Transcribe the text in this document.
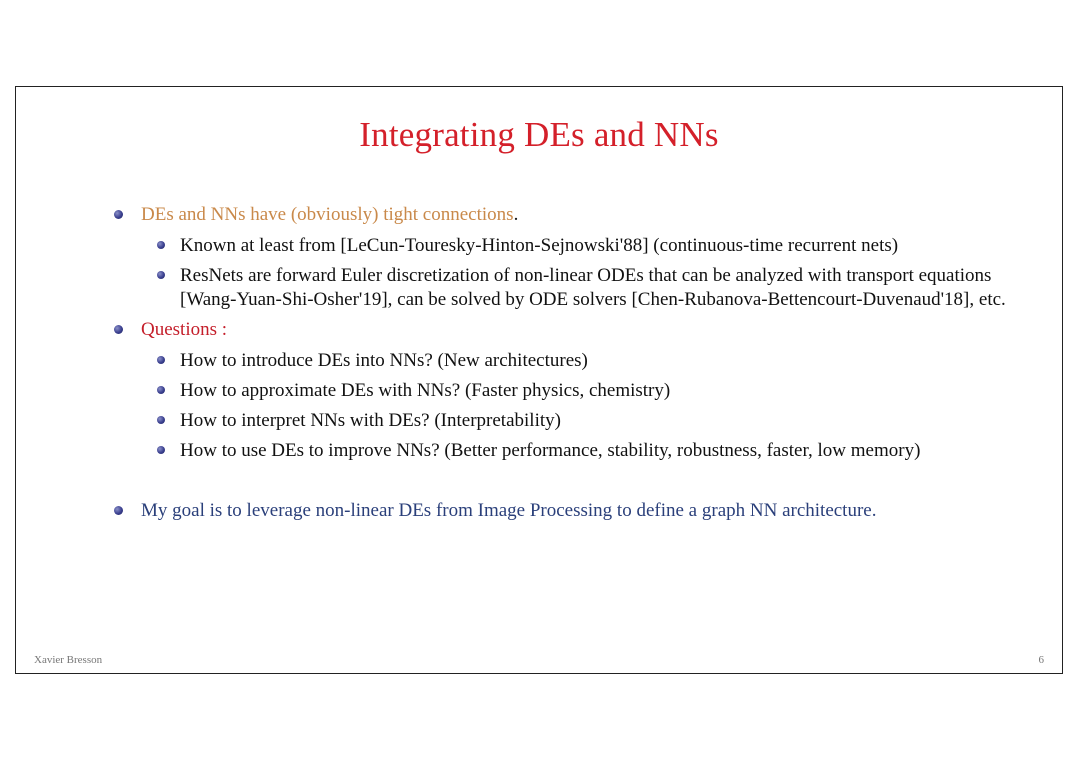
Integrating DEs and NNs
DEs and NNs have (obviously) tight connections.
Known at least from [LeCun-Touresky-Hinton-Sejnowski'88] (continuous-time recurrent nets)
ResNets are forward Euler discretization of non-linear ODEs that can be analyzed with transport equations [Wang-Yuan-Shi-Osher'19], can be solved by ODE solvers [Chen-Rubanova-Bettencourt-Duvenaud'18], etc.
Questions :
How to introduce DEs into NNs? (New architectures)
How to approximate DEs with NNs? (Faster physics, chemistry)
How to interpret NNs with DEs? (Interpretability)
How to use DEs to improve NNs? (Better performance, stability, robustness, faster, low memory)
My goal is to leverage non-linear DEs from Image Processing to define a graph NN architecture.
Xavier Bresson	6
